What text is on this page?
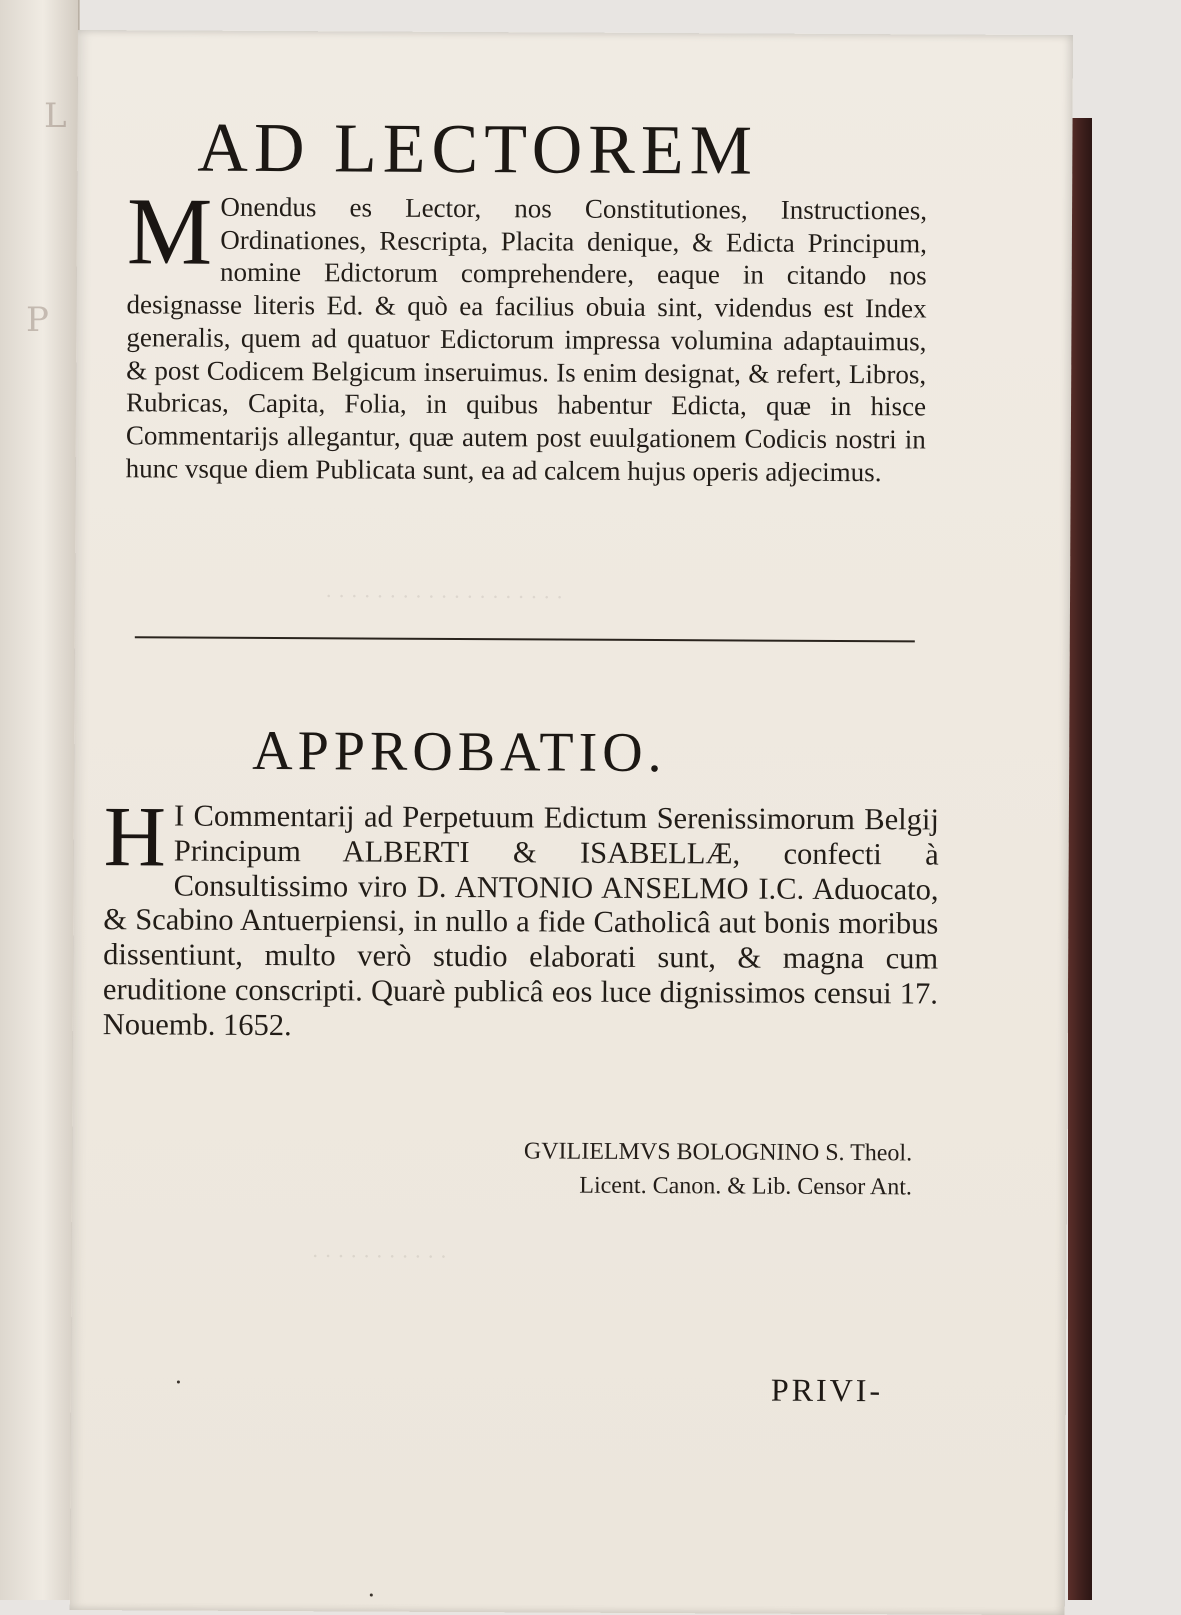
L
P
· · · · · · · · · · · · · · · · · · ·
· · · · · · · · · · ·
AD LECTOREM

M Onendus es Lector, nos Constitutiones, Instructiones, Ordinationes, Rescripta, Placita denique, & Edicta Principum, nomine Edictorum comprehendere, eaque in citando nos designasse literis Ed. & quò ea facilius obuia sint, videndus est Index generalis, quem ad quatuor Edictorum impressa volumina adaptauimus, & post Codicem Belgicum inseruimus. Is enim designat, & refert, Libros, Rubricas, Capita, Folia, in quibus habentur Edicta, quæ in hisce Commentarijs allegantur, quæ autem post euulgationem Codicis nostri in hunc vsque diem Publicata sunt, ea ad calcem hujus operis adjecimus.

APPROBATIO.

H I Commentarij ad Perpetuum Edictum Serenissimorum Belgij Principum ALBERTI & ISABELLÆ, confecti à Consultissimo viro D. ANTONIO ANSELMO I.C. Aduocato, & Scabino Antuerpiensi, in nullo a fide Catholicâ aut bonis moribus dissentiunt, multo verò studio elaborati sunt, & magna cum eruditione conscripti. Quarè publicâ eos luce dignissimos censui 17. Nouemb. 1652.

GVILIELMVS BOLOGNINO S. Theol.
Licent. Canon. & Lib. Censor Ant.
PRIVI-
